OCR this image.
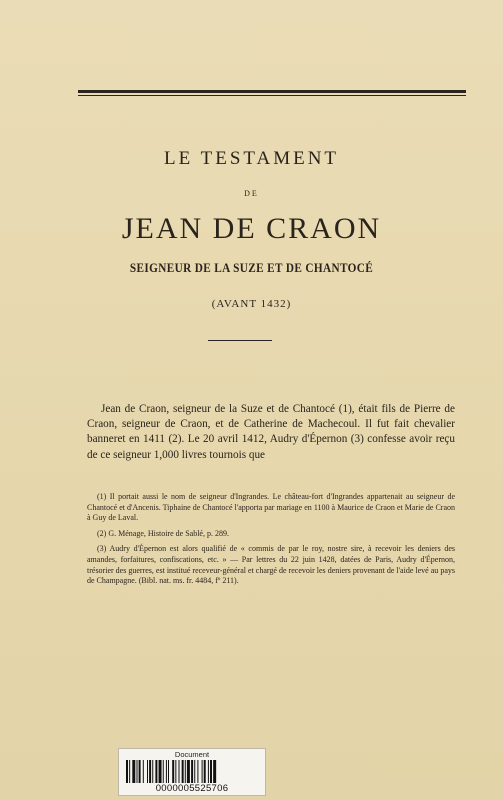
LE TESTAMENT
DE
JEAN DE CRAON
SEIGNEUR DE LA SUZE ET DE CHANTOCÉ
(AVANT 1432)

Jean de Craon, seigneur de la Suze et de Chantocé (1), était fils de Pierre de Craon, seigneur de Craon, et de Catherine de Machecoul. Il fut fait chevalier banneret en 1411 (2). Le 20 avril 1412, Audry d'Épernon (3) confesse avoir reçu de ce seigneur 1,000 livres tournois que

(1) Il portait aussi le nom de seigneur d'Ingrandes. Le château-fort d'Ingrandes appartenait au seigneur de Chantocé et d'Ancenis. Tiphaine de Chantocé l'apporta par mariage en 1100 à Maurice de Craon et Marie de Craon à Guy de Laval.

(2) G. Ménage, Histoire de Sablé, p. 289.

(3) Audry d'Épernon est alors qualifié de « commis de par le roy, nostre sire, à recevoir les deniers des amandes, forfaitures, confiscations, etc. » — Par lettres du 22 juin 1428, datées de Paris, Audry d'Épernon, trésorier des guerres, est institué receveur-général et chargé de recevoir les deniers provenant de l'aide levé au pays de Champagne. (Bibl. nat. ms. fr. 4484, fº 211).

Document
0000005525706
